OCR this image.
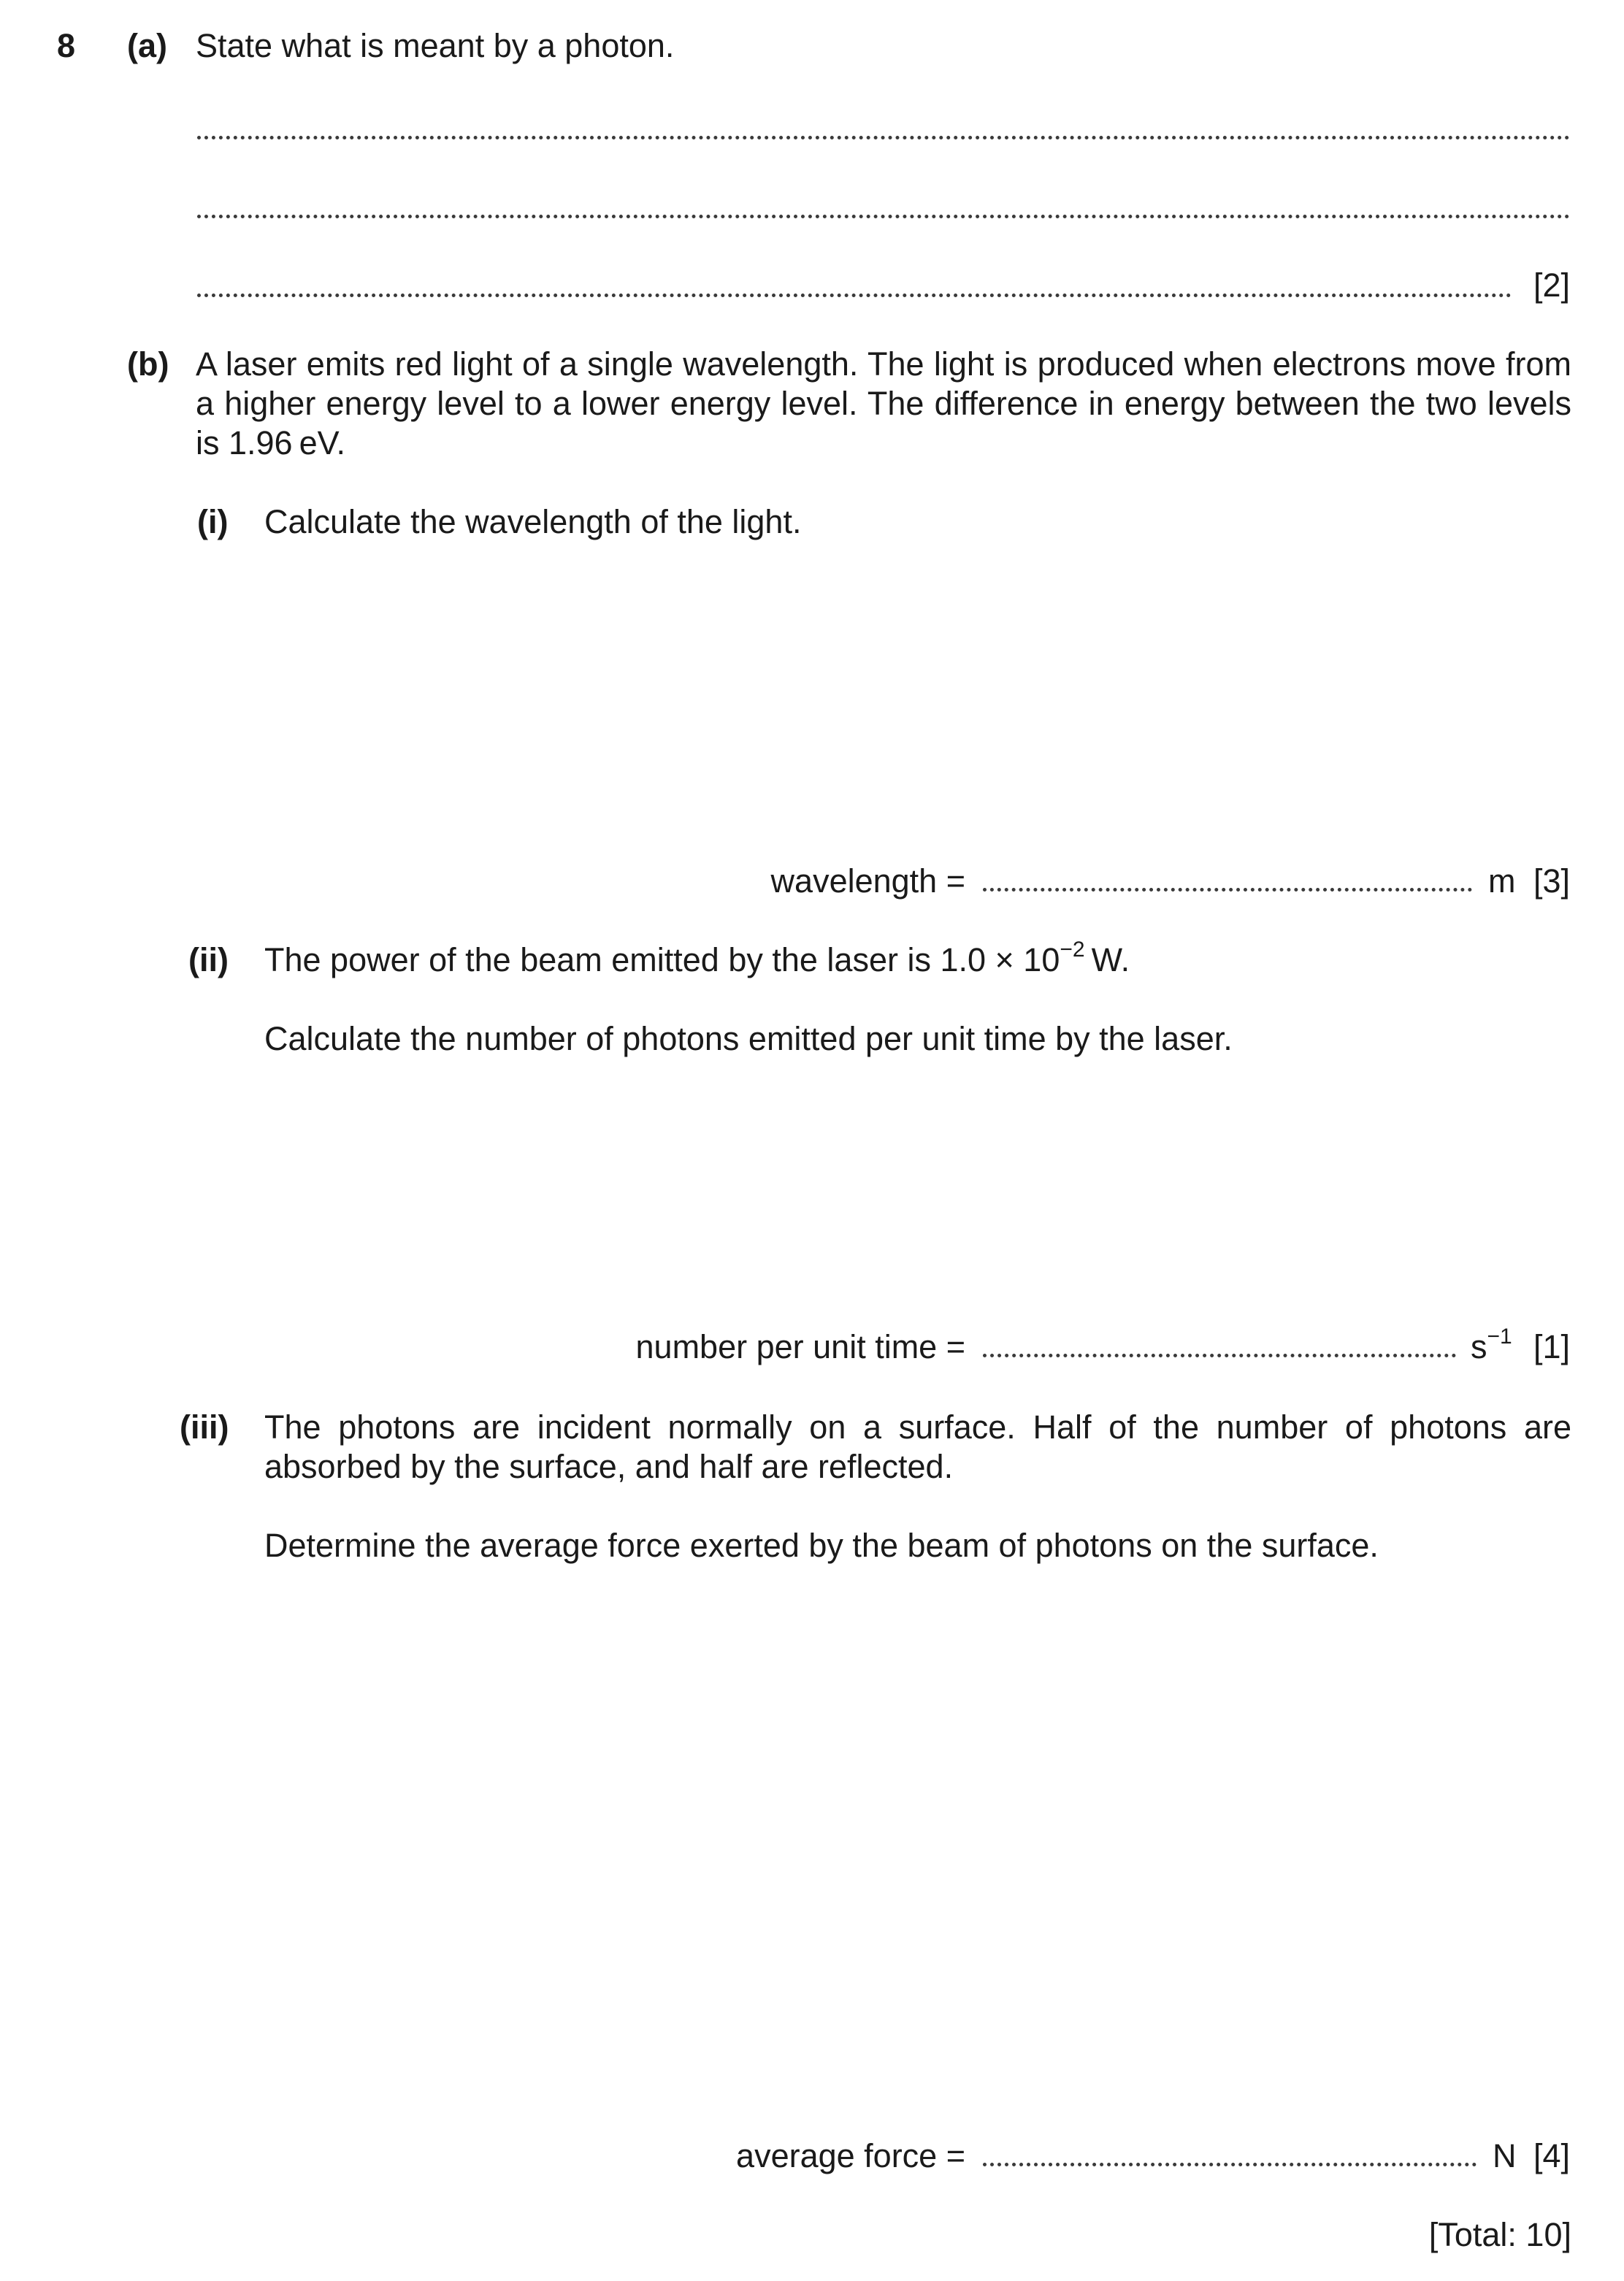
8 (a) State what is meant by a photon.
[2]
(b) A laser emits red light of a single wavelength. The light is produced when electrons move from a higher energy level to a lower energy level. The difference in energy between the two levels is 1.96 eV.
(i) Calculate the wavelength of the light.
wavelength =	m [3]
(ii) The power of the beam emitted by the laser is $1.0 \times 10^{-2}$ W.
Calculate the number of photons emitted per unit time by the laser.
number per unit time =	$s^{-1}$ [1]
(iii) The photons are incident normally on a surface. Half of the number of photons are absorbed by the surface, and half are reflected.
Determine the average force exerted by the beam of photons on the surface.
average force =	N [4]
[Total: 10]
